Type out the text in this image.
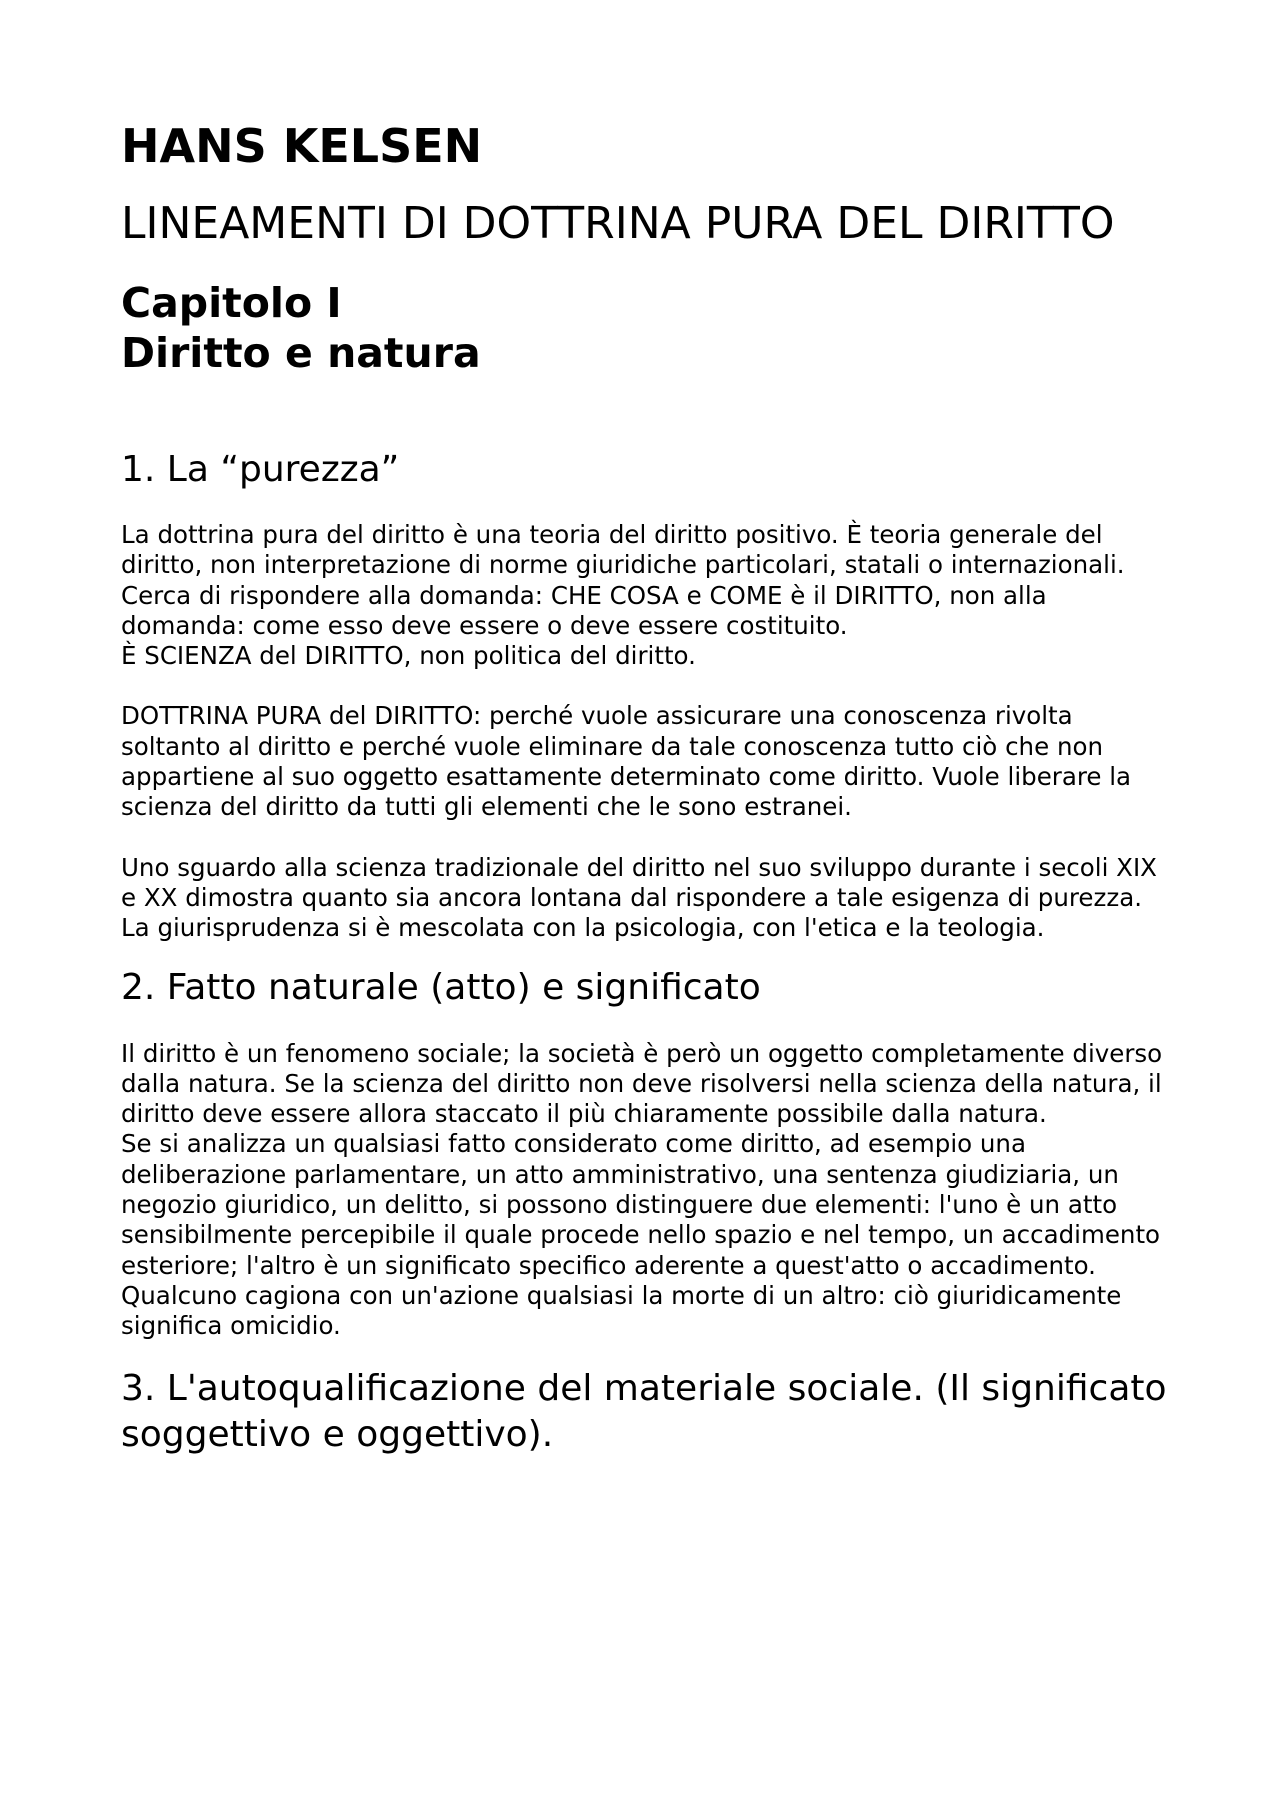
HANS KELSEN
LINEAMENTI DI DOTTRINA PURA DEL DIRITTO
Capitolo I
Diritto e natura
1. La “purezza”

La dottrina pura del diritto è una teoria del diritto positivo. È teoria generale del diritto, non interpretazione di norme giuridiche particolari, statali o internazionali.
Cerca di rispondere alla domanda: CHE COSA e COME è il DIRITTO, non alla domanda: come esso deve essere o deve essere costituito.
È SCIENZA del DIRITTO, non politica del diritto.

DOTTRINA PURA del DIRITTO: perché vuole assicurare una conoscenza rivolta soltanto al diritto e perché vuole eliminare da tale conoscenza tutto ciò che non appartiene al suo oggetto esattamente determinato come diritto. Vuole liberare la scienza del diritto da tutti gli elementi che le sono estranei.

Uno sguardo alla scienza tradizionale del diritto nel suo sviluppo durante i secoli XIX e XX dimostra quanto sia ancora lontana dal rispondere a tale esigenza di purezza. La giurisprudenza si è mescolata con la psicologia, con l'etica e la teologia.

2. Fatto naturale (atto) e significato

Il diritto è un fenomeno sociale; la società è però un oggetto completamente diverso dalla natura. Se la scienza del diritto non deve risolversi nella scienza della natura, il diritto deve essere allora staccato il più chiaramente possibile dalla natura.
Se si analizza un qualsiasi fatto considerato come diritto, ad esempio una deliberazione parlamentare, un atto amministrativo, una sentenza giudiziaria, un negozio giuridico, un delitto, si possono distinguere due elementi: l'uno è un atto sensibilmente percepibile il quale procede nello spazio e nel tempo, un accadimento esteriore; l'altro è un significato specifico aderente a quest'atto o accadimento.
Qualcuno cagiona con un'azione qualsiasi la morte di un altro: ciò giuridicamente significa omicidio.

3. L'autoqualificazione del materiale sociale. (Il significato soggettivo e oggettivo).
